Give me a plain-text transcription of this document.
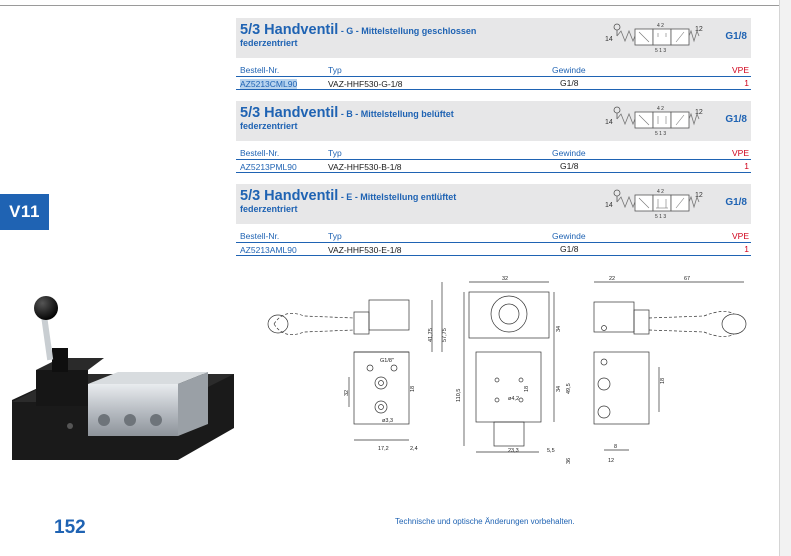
V11
5/3 Handventil - G - Mittelstellung geschlossen
federzentriert	14
4 2
5 1 3
12
G1/8
Bestell-Nr.	Typ	Gewinde	VPE
AZ5213CML90	VAZ-HHF530-G-1/8	G1/8	1
5/3 Handventil - B - Mittelstellung belüftet
federzentriert	14
4 2
5 1 3
12
G1/8
Bestell-Nr.	Typ	Gewinde	VPE
AZ5213PML90	VAZ-HHF530-B-1/8	G1/8	1
5/3 Handventil - E - Mittelstellung entlüftet
federzentriert	14
4 2
5 1 3
12
G1/8
Bestell-Nr.	Typ	Gewinde	VPE
AZ5213AML90	VAZ-HHF530-E-1/8	G1/8	1
32	22	67
41,75 57,75
110,5
34
34 49,5
18
18
36
32
18
17,2	2,4	23,3	5,5
8
12
G1/8"
ø3,3
ø4,2
152	Technische und optische Änderungen vorbehalten.
